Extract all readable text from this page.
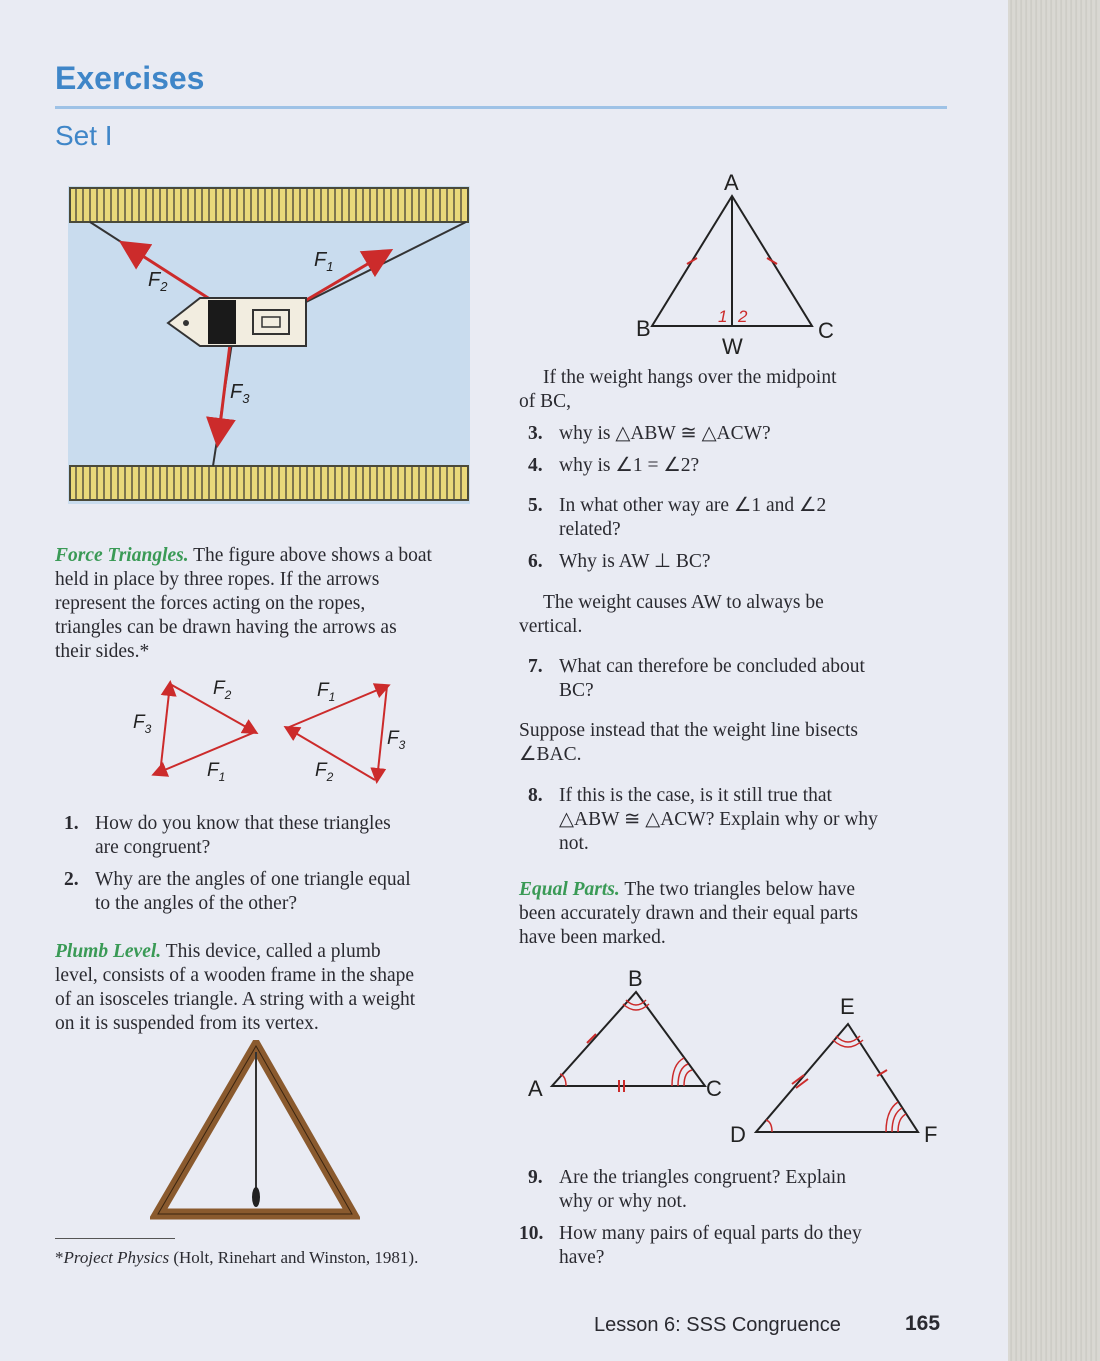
Exercises
Set I
$F_1$
$F_2$
$F_3$
Force Triangles. The figure above shows a boat
held in place by three ropes. If the arrows
represent the forces acting on the ropes,
triangles can be drawn having the arrows as
their sides.*
$F_3$
$F_2$
$F_1$
$F_1$
$F_3$
$F_2$
1. How do you know that these triangles
are congruent?
2. Why are the angles of one triangle equal
to the angles of the other?
Plumb Level. This device, called a plumb
level, consists of a wooden frame in the shape
of an isosceles triangle. A string with a weight
on it is suspended from its vertex.
*Project Physics (Holt, Rinehart and Winston, 1981).
A
B	C
W
1 2
If the weight hangs over the midpoint
of BC,
3. why is △ABW ≅ △ACW?
4. why is ∠1 = ∠2?
5. In what other way are ∠1 and ∠2
related?
6. Why is AW ⊥ BC?
The weight causes AW to always be
vertical.
7. What can therefore be concluded about
BC?
Suppose instead that the weight line bisects
∠BAC.
8. If this is the case, is it still true that
△ABW ≅ △ACW? Explain why or why
not.
Equal Parts. The two triangles below have
been accurately drawn and their equal parts
have been marked.
B
A	C
E
D	F
9. Are the triangles congruent? Explain
why or why not.
10. How many pairs of equal parts do they
have?
Lesson 6: SSS Congruence	165
